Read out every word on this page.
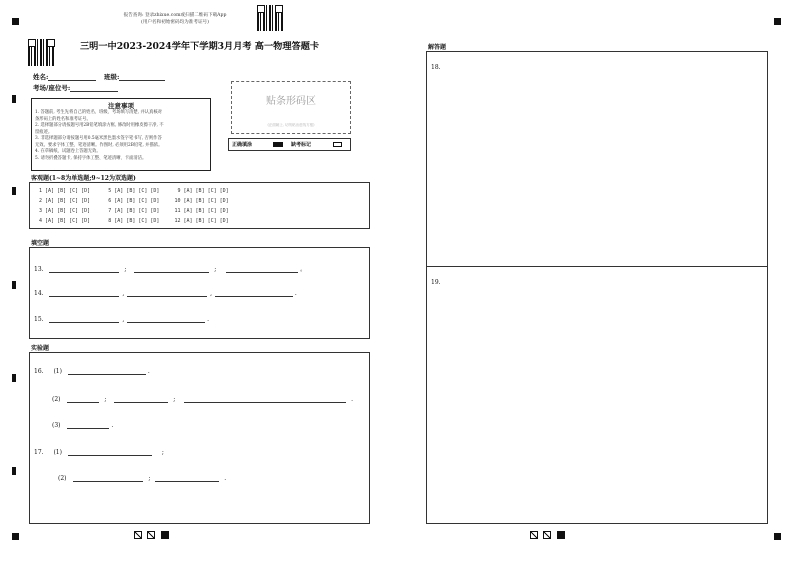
报告查询: 登录zhixue.com或扫描二维码下载App
(用户名和初始密码均为准考证号)
三明一中2023-2024学年下学期3月月考 高一物理答题卡
姓名:	班级:
考场/座位号:
贴条形码区
(正面朝上, 切勿贴出虚线方框)
正确填涂	缺考标记
注意事项
1. 答题前, 考生先将自己的姓名、班级、考场填写清楚, 并认真核对
条形码上的姓名和准考证号。
2. 选择题部分请按题号用2B铅笔填涂方框, 修改时用橡皮擦干净, 不
留痕迹。
3. 非选择题部分请按题号用0.5毫米黑色墨水签字笔书写, 否则作答
无效。要求字体工整、笔迹清晰。作图时, 必须用2B铅笔, 并描浓。
4. 在草稿纸、试题卷上答题无效。
5. 请勿折叠答题卡, 保持字体工整、笔迹清晰、卡面清洁。
客观题(1~8为单选题;9~12为双选题)
1 [A] [B] [C] [D]      5 [A] [B] [C] [D]      9 [A] [B] [C] [D]
2 [A] [B] [C] [D]      6 [A] [B] [C] [D]     10 [A] [B] [C] [D]
3 [A] [B] [C] [D]      7 [A] [B] [C] [D]     11 [A] [B] [C] [D]
4 [A] [B] [C] [D]      8 [A] [B] [C] [D]     12 [A] [B] [C] [D]
填空题
13.	;	;	。
14.	,	,	.
15.	,	.
实验题
16. (1)	.
(2)	;	;	.
(3)	.
17. (1)	;
(2)	;	.
解答题
18.
19.
